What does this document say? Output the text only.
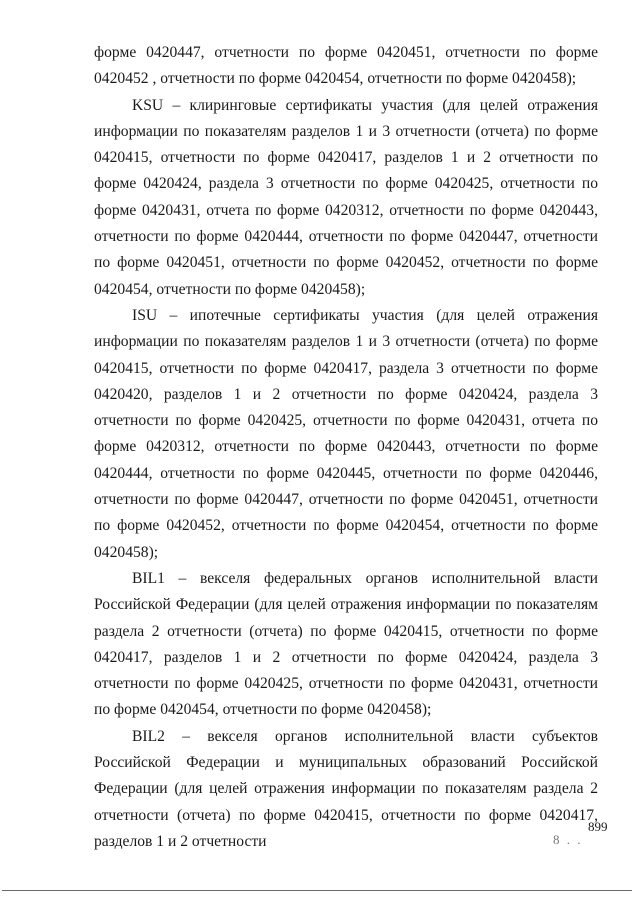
форме 0420447, отчетности по форме 0420451, отчетности по форме 0420452 , отчетности по форме 0420454, отчетности по форме 0420458);

KSU – клиринговые сертификаты участия (для целей отражения информации по показателям разделов 1 и 3 отчетности (отчета) по форме 0420415, отчетности по форме 0420417, разделов 1 и 2 отчетности по форме 0420424, раздела 3 отчетности по форме 0420425, отчетности по форме 0420431, отчета по форме 0420312, отчетности по форме 0420443, отчетности по форме 0420444, отчетности по форме 0420447, отчетности по форме 0420451, отчетности по форме 0420452, отчетности по форме 0420454, отчетности по форме 0420458);

ISU – ипотечные сертификаты участия (для целей отражения информации по показателям разделов 1 и 3 отчетности (отчета) по форме 0420415, отчетности по форме 0420417, раздела 3 отчетности по форме 0420420, разделов 1 и 2 отчетности по форме 0420424, раздела 3 отчетности по форме 0420425, отчетности по форме 0420431, отчета по форме 0420312, отчетности по форме 0420443, отчетности по форме 0420444, отчетности по форме 0420445, отчетности по форме 0420446, отчетности по форме 0420447, отчетности по форме 0420451, отчетности по форме 0420452, отчетности по форме 0420454, отчетности по форме 0420458);

BIL1 – векселя федеральных органов исполнительной власти Российской Федерации (для целей отражения информации по показателям раздела 2 отчетности (отчета) по форме 0420415, отчетности по форме 0420417, разделов 1 и 2 отчетности по форме 0420424, раздела 3 отчетности по форме 0420425, отчетности по форме 0420431, отчетности по форме 0420454, отчетности по форме 0420458);

BIL2 – векселя органов исполнительной власти субъектов Российской Федерации и муниципальных образований Российской Федерации (для целей отражения информации по показателям раздела 2 отчетности (отчета) по форме 0420415, отчетности по форме 0420417, разделов 1 и 2 отчетности

899
8 . .
